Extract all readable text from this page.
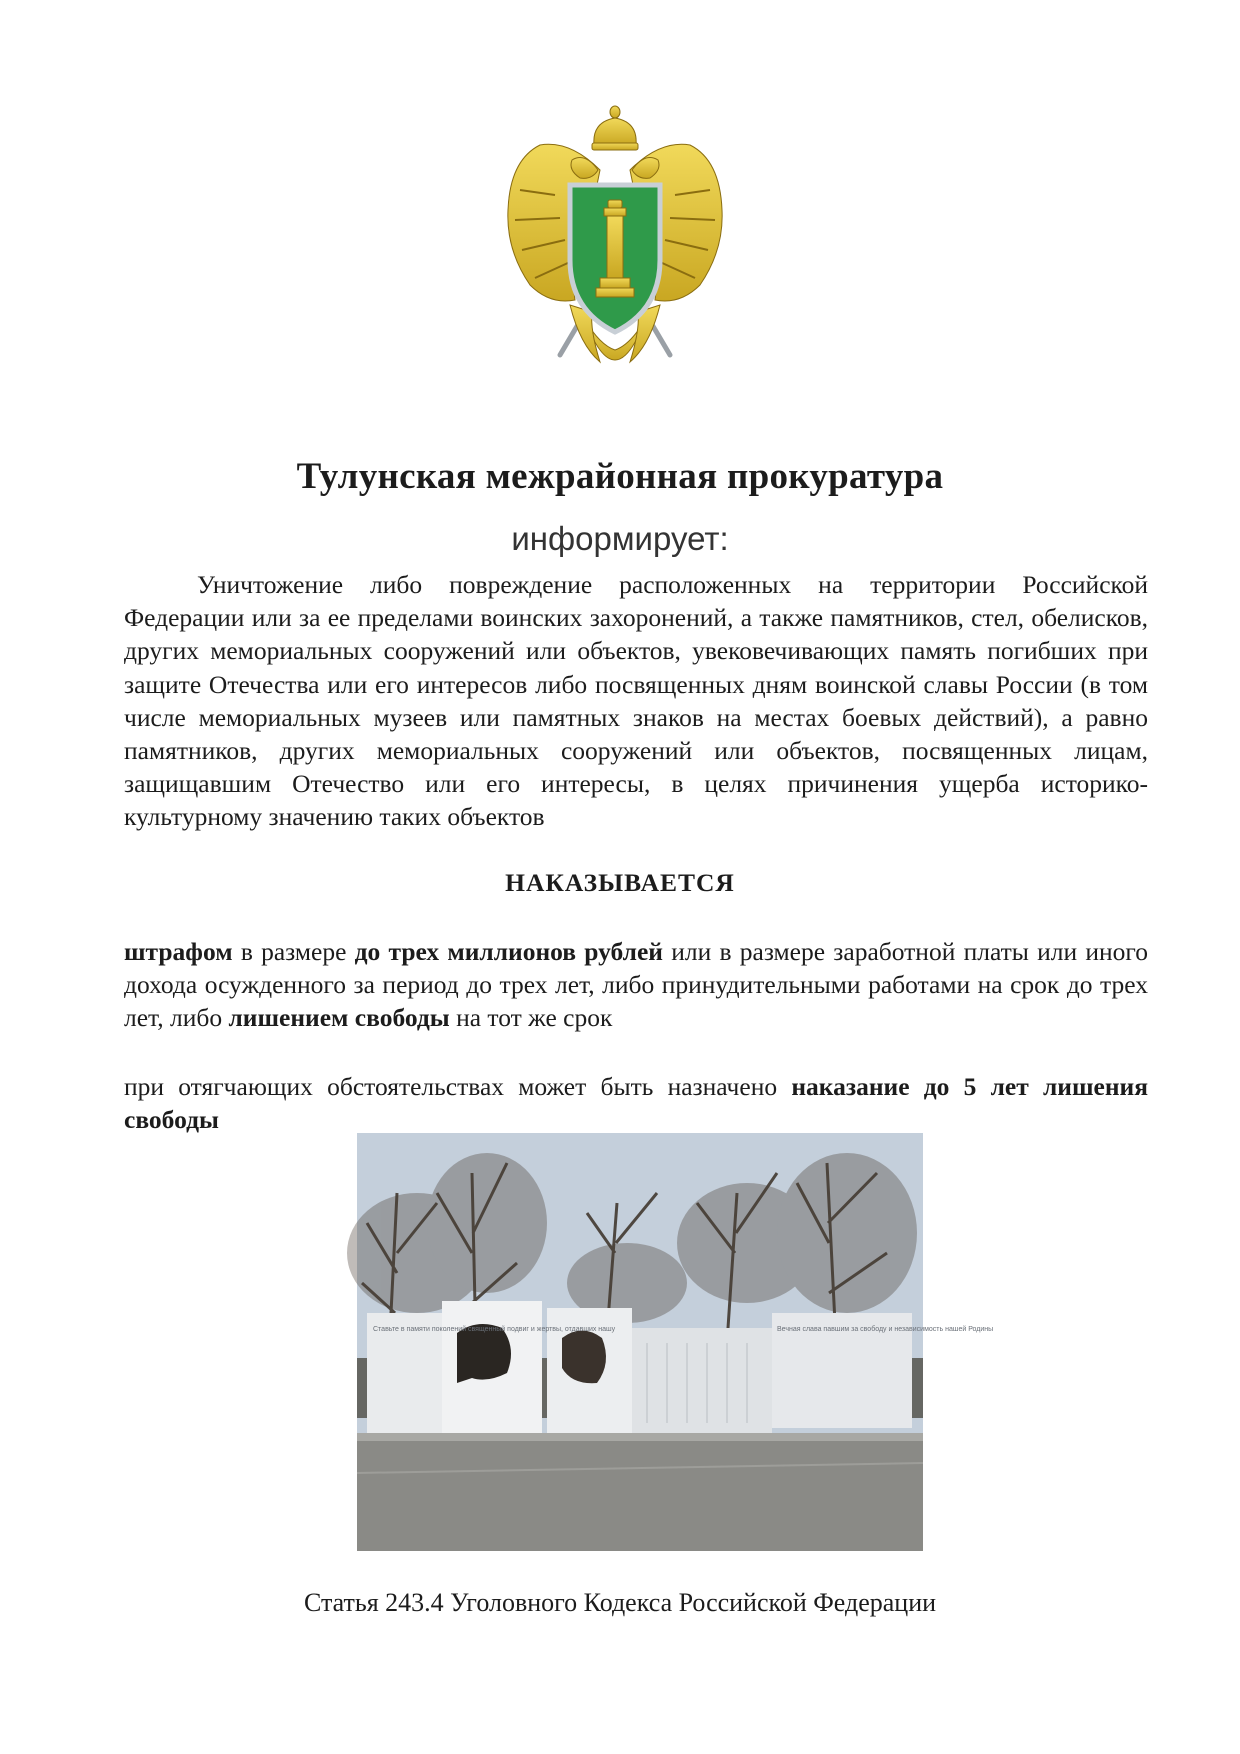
Тулунская межрайонная прокуратура
информирует:
Уничтожение либо повреждение расположенных на территории Российской Федерации или за ее пределами воинских захоронений, а также памятников, стел, обелисков, других мемориальных сооружений или объектов, увековечивающих память погибших при защите Отечества или его интересов либо посвященных дням воинской славы России (в том числе мемориальных музеев или памятных знаков на местах боевых действий), а равно памятников, других мемориальных сооружений или объектов, посвященных лицам, защищавшим Отечество или его интересы, в целях причинения ущерба историко-культурному значению таких объектов
НАКАЗЫВАЕТСЯ
штрафом в размере до трех миллионов рублей или в размере заработной платы или иного дохода осужденного за период до трех лет, либо принудительными работами на срок до трех лет, либо лишением свободы на тот же срок
при отягчающих обстоятельствах может быть назначено наказание до 5 лет лишения свободы
Ставьте в памяти поколений священный подвиг и жертвы, отдавших нашу	Вечная слава павшим за свободу и независимость нашей Родины
Статья 243.4 Уголовного Кодекса Российской Федерации
